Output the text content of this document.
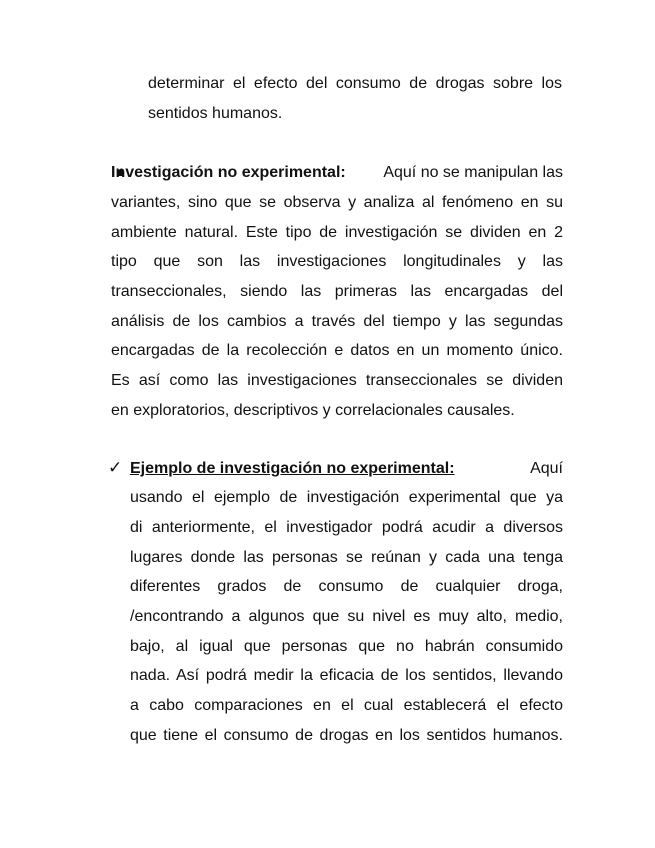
determinar el efecto del consumo de drogas sobre los
sentidos humanos.
Investigación no experimental: Aquí no se manipulan las
variantes, sino que se observa y analiza al fenómeno en su
ambiente natural. Este tipo de investigación se dividen en 2
tipo que son las investigaciones longitudinales y las
transeccionales, siendo las primeras las encargadas del
análisis de los cambios a través del tiempo y las segundas
encargadas de la recolección e datos en un momento único.
Es así como las investigaciones transeccionales se dividen
en exploratorios, descriptivos y correlacionales causales.
✓ Ejemplo de investigación no experimental:	Aquí
usando el ejemplo de investigación experimental que ya
di anteriormente, el investigador podrá acudir a diversos
lugares donde las personas se reúnan y cada una tenga
diferentes grados de consumo de cualquier droga,
/encontrando a algunos que su nivel es muy alto, medio,
bajo, al igual que personas que no habrán consumido
nada. Así podrá medir la eficacia de los sentidos, llevando
a cabo comparaciones en el cual establecerá el efecto
que tiene el consumo de drogas en los sentidos humanos.
